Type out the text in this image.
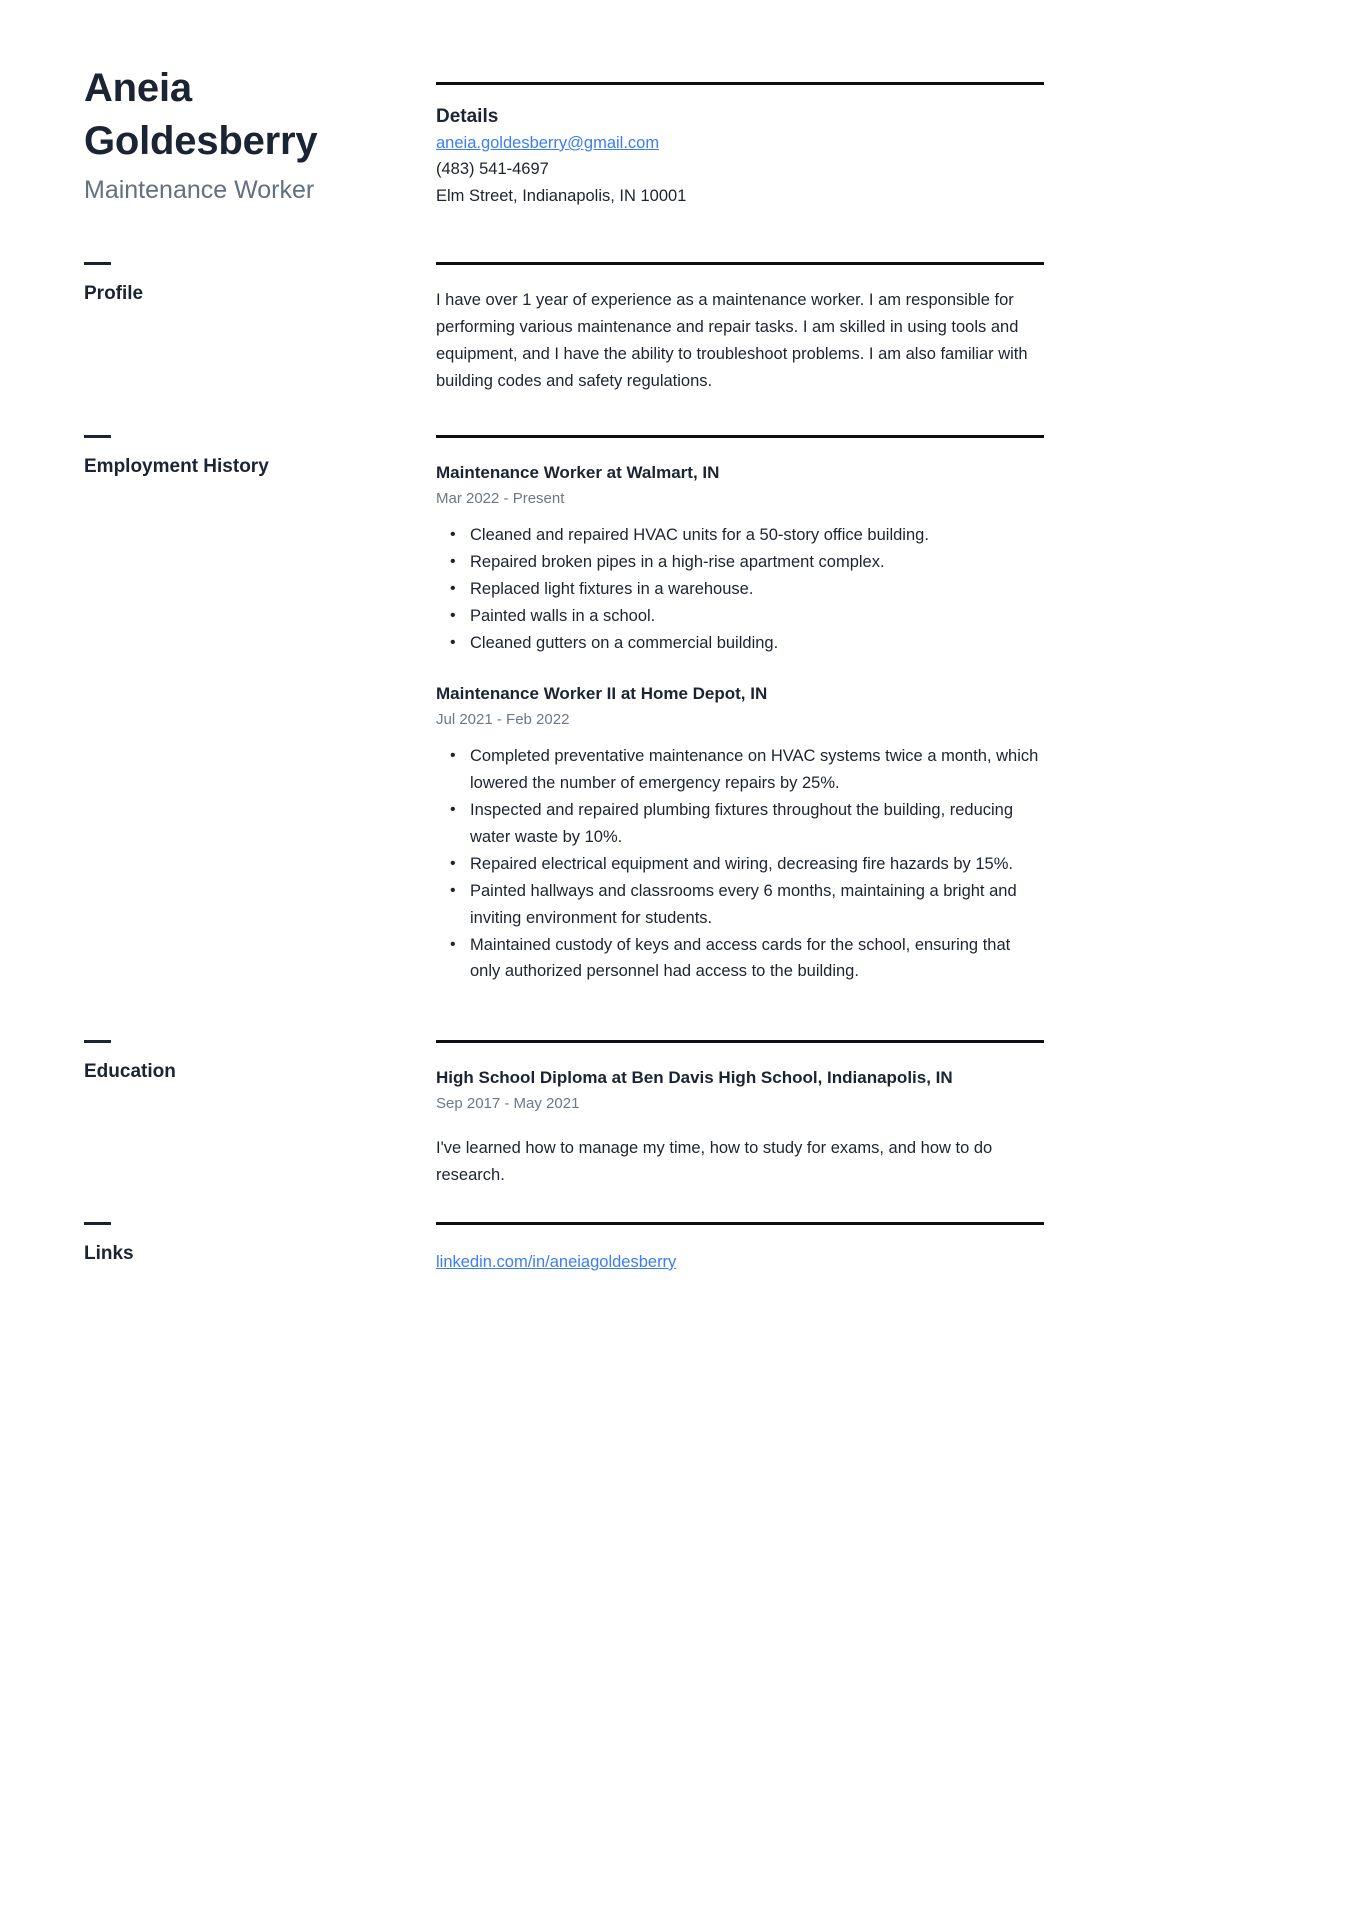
Aneia Goldesberry
Maintenance Worker
Details
aneia.goldesberry@gmail.com
(483) 541-4697
Elm Street, Indianapolis, IN 10001
Profile	I have over 1 year of experience as a maintenance worker. I am responsible for performing various maintenance and repair tasks. I am skilled in using tools and equipment, and I have the ability to troubleshoot problems. I am also familiar with building codes and safety regulations.

Employment History	Maintenance Worker at Walmart, IN
Mar 2022 - Present
• Cleaned and repaired HVAC units for a 50-story office building.
• Repaired broken pipes in a high-rise apartment complex.
• Replaced light fixtures in a warehouse.
• Painted walls in a school.
• Cleaned gutters on a commercial building.
Maintenance Worker II at Home Depot, IN
Jul 2021 - Feb 2022
• Completed preventative maintenance on HVAC systems twice a month, which lowered the number of emergency repairs by 25%.
• Inspected and repaired plumbing fixtures throughout the building, reducing water waste by 10%.
• Repaired electrical equipment and wiring, decreasing fire hazards by 15%.
• Painted hallways and classrooms every 6 months, maintaining a bright and inviting environment for students.
• Maintained custody of keys and access cards for the school, ensuring that only authorized personnel had access to the building.
Education	High School Diploma at Ben Davis High School, Indianapolis, IN
Sep 2017 - May 2021

I've learned how to manage my time, how to study for exams, and how to do research.

Links	linkedin.com/in/aneiagoldesberry
